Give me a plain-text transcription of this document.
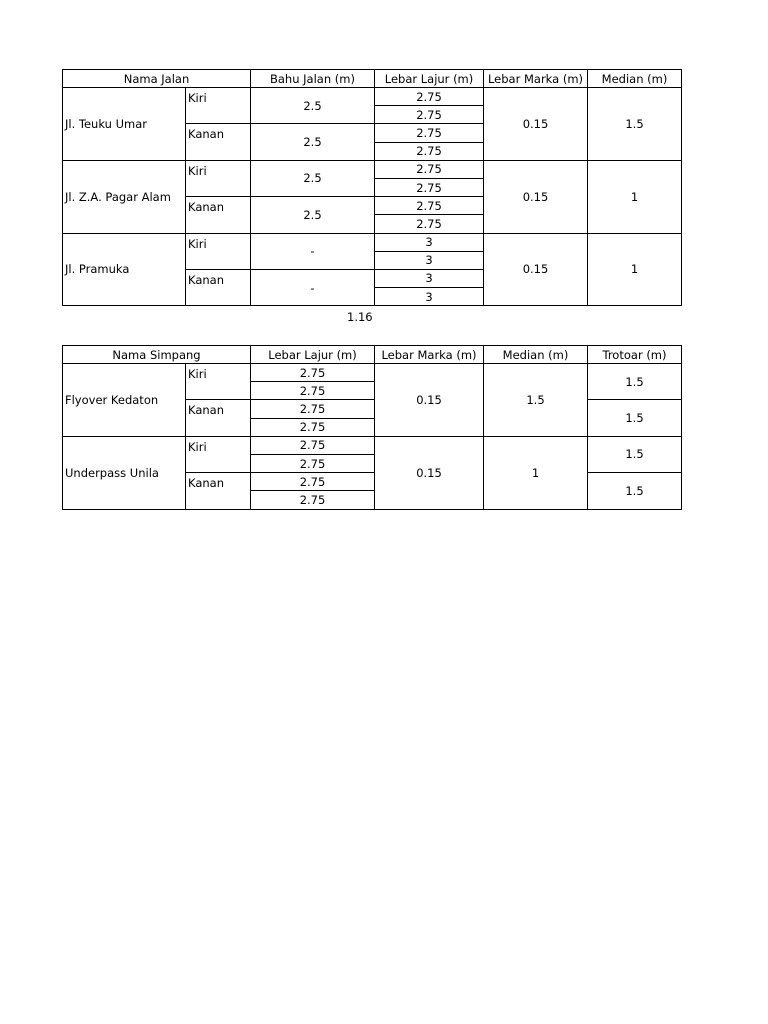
Nama Jalan		Bahu Jalan (m)	Lebar Lajur (m)	Lebar Marka (m)	Median (m)
Jl. Teuku Umar	Kiri	2.5	2.75	0.15	1.5
			2.75		
	Kanan	2.5	2.75		
			2.75		
Jl. Z.A. Pagar Alam	Kiri	2.5	2.75	0.15	1
			2.75		
	Kanan	2.5	2.75		
			2.75		
Jl. Pramuka	Kiri	-	3	0.15	1
			3		
	Kanan	-	3		
			3		
1.16
Nama Simpang		Lebar Lajur (m)	Lebar Marka (m)	Median (m)	Trotoar (m)
Flyover Kedaton	Kiri	2.75	0.15	1.5	1.5
		2.75			
	Kanan	2.75			1.5
		2.75			
Underpass Unila	Kiri	2.75	0.15	1	1.5
		2.75			
	Kanan	2.75			1.5
		2.75			
